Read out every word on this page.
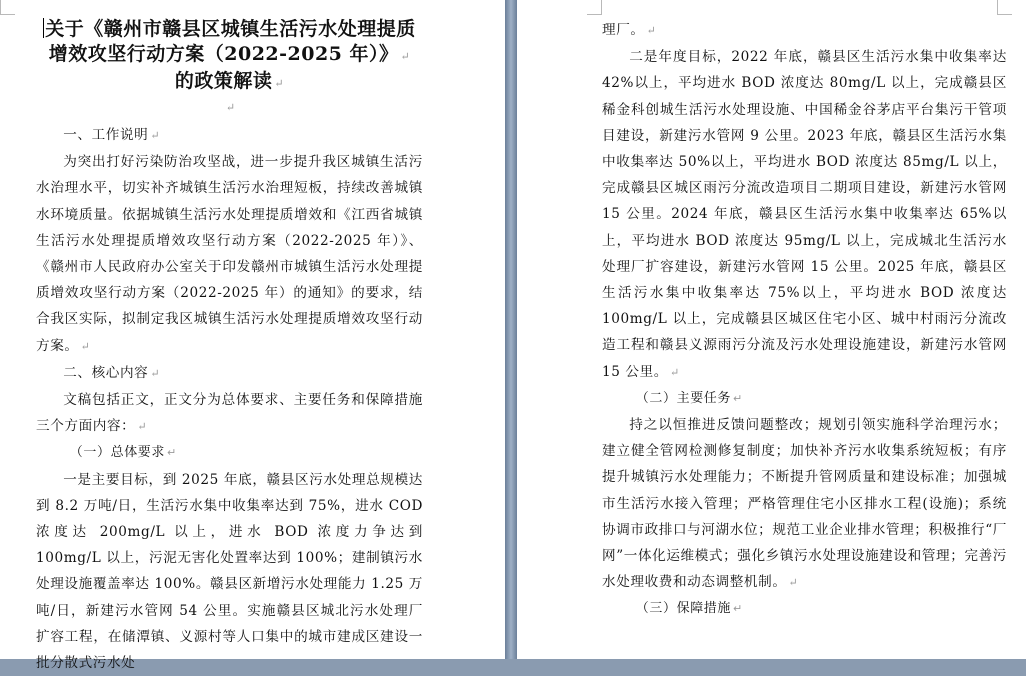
关于《赣州市赣县区城镇生活污水处理提质
增效攻坚行动方案（2022-2025 年）》 ↵
的政策解读 ↵
↵

一、工作说明 ↵

为突出打好污染防治攻坚战，进一步提升我区城镇生活污水治理水平，切实补齐城镇生活污水治理短板，持续改善城镇水环境质量。依据城镇生活污水处理提质增效和《江西省城镇生活污水处理提质增效攻坚行动方案（2022-2025 年）》、《赣州市人民政府办公室关于印发赣州市城镇生活污水处理提质增效攻坚行动方案（2022-2025 年）的通知》的要求，结合我区实际，拟制定我区城镇生活污水处理提质增效攻坚行动方案。 ↵

二、核心内容 ↵

文稿包括正文，正文分为总体要求、主要任务和保障措施三个方面内容： ↵

（一）总体要求 ↵

一是主要目标，到 2025 年底，赣县区污水处理总规模达到 8.2 万吨/日，生活污水集中收集率达到 75%，进水 COD 浓度达 200mg/L 以上，进水 BOD 浓度力争达到 100mg/L 以上，污泥无害化处置率达到 100%；建制镇污水处理设施覆盖率达 100%。赣县区新增污水处理能力 1.25 万吨/日，新建污水管网 54 公里。实施赣县区城北污水处理厂扩容工程，在储潭镇、义源村等人口集中的城市建成区建设一批分散式污水处

理厂。 ↵

二是年度目标，2022 年底，赣县区生活污水集中收集率达 42%以上，平均进水 BOD 浓度达 80mg/L 以上，完成赣县区稀金科创城生活污水处理设施、中国稀金谷茅店平台集污干管项目建设，新建污水管网 9 公里。2023 年底，赣县区生活污水集中收集率达 50%以上，平均进水 BOD 浓度达 85mg/L 以上，完成赣县区城区雨污分流改造项目二期项目建设，新建污水管网 15 公里。2024 年底，赣县区生活污水集中收集率达 65%以上，平均进水 BOD 浓度达 95mg/L 以上，完成城北生活污水处理厂扩容建设，新建污水管网 15 公里。2025 年底，赣县区生活污水集中收集率达 75%以上，平均进水 BOD 浓度达 100mg/L 以上，完成赣县区城区住宅小区、城中村雨污分流改造工程和赣县义源雨污分流及污水处理设施建设，新建污水管网 15 公里。 ↵

（二）主要任务 ↵

持之以恒推进反馈问题整改；规划引领实施科学治理污水；建立健全管网检测修复制度；加快补齐污水收集系统短板；有序提升城镇污水处理能力；不断提升管网质量和建设标准；加强城市生活污水接入管理；严格管理住宅小区排水工程(设施)；系统协调市政排口与河湖水位；规范工业企业排水管理；积极推行“厂网”一体化运维模式；强化乡镇污水处理设施建设和管理；完善污水处理收费和动态调整机制。 ↵

（三）保障措施 ↵
